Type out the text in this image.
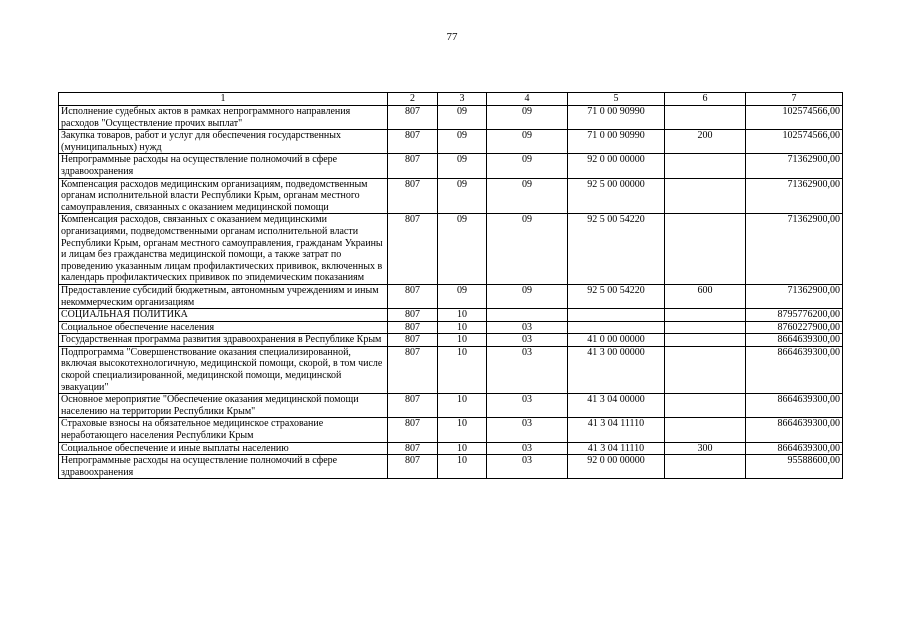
77
1	2	3	4	5	6	7
Исполнение судебных актов в рамках непрограммного направления расходов "Осуществление прочих выплат"	807	09	09	71 0 00 90990		102574566,00
Закупка товаров, работ и услуг для обеспечения государственных (муниципальных) нужд	807	09	09	71 0 00 90990	200	102574566,00
Непрограммные расходы на осуществление полномочий в сфере здравоохранения	807	09	09	92 0 00 00000		71362900,00
Компенсация расходов медицинским организациям, подведомственным органам исполнительной власти Республики Крым, органам местного самоуправления, связанных с оказанием медицинской помощи	807	09	09	92 5 00 00000		71362900,00
Компенсация расходов, связанных с оказанием медицинскими организациями, подведомственными органам исполнительной власти Республики Крым, органам местного самоуправления, гражданам Украины и лицам без гражданства медицинской помощи, а также затрат по проведению указанным лицам профилактических прививок, включенных в календарь профилактических прививок по эпидемическим показаниям	807	09	09	92 5 00 54220		71362900,00
Предоставление субсидий бюджетным, автономным учреждениям и иным некоммерческим организациям	807	09	09	92 5 00 54220	600	71362900,00
СОЦИАЛЬНАЯ ПОЛИТИКА	807	10				8795776200,00
Социальное обеспечение населения	807	10	03			8760227900,00
Государственная программа развития здравоохранения в Республике Крым	807	10	03	41 0 00 00000		8664639300,00
Подпрограмма "Совершенствование оказания специализированной, включая высокотехнологичную, медицинской помощи, скорой, в том числе скорой специализированной, медицинской помощи, медицинской эвакуации"	807	10	03	41 3 00 00000		8664639300,00
Основное мероприятие "Обеспечение оказания медицинской помощи населению на территории Республики Крым"	807	10	03	41 3 04 00000		8664639300,00
Страховые взносы на обязательное медицинское страхование неработающего населения Республики Крым	807	10	03	41 3 04 11110		8664639300,00
Социальное обеспечение и иные выплаты населению	807	10	03	41 3 04 11110	300	8664639300,00
Непрограммные расходы на осуществление полномочий в сфере здравоохранения	807	10	03	92 0 00 00000		95588600,00
